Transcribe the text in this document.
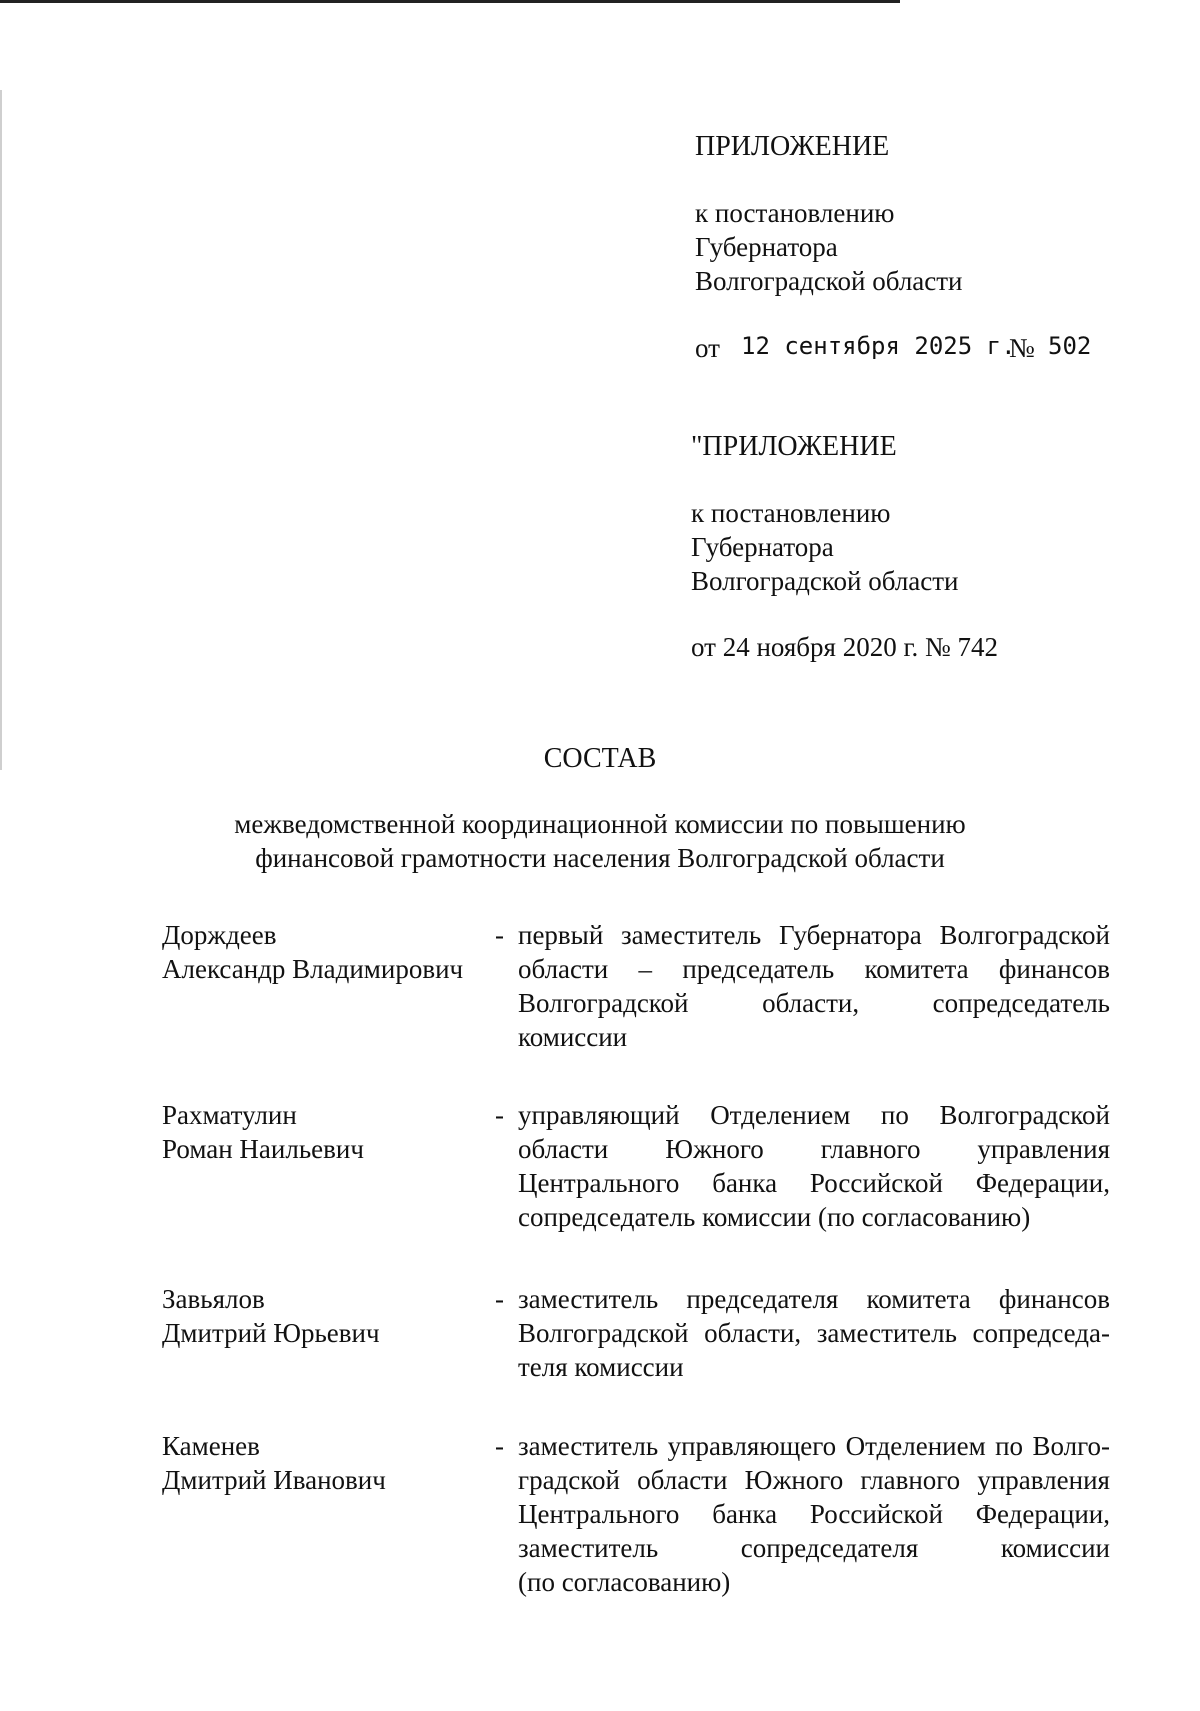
ПРИЛОЖЕНИЕ
к постановлению
Губернатора
Волгоградской области
от 12 сентября 2025 г.
№ 502
"ПРИЛОЖЕНИЕ
к постановлению
Губернатора
Волгоградской области
от 24 ноября 2020 г. № 742
СОСТАВ
межведомственной координационной комиссии по повышению
финансовой грамотности населения Волгоградской области
Дорждеев
Александр Владимирович
- первый заместитель Губернатора Волгоградской
области – председатель комитета финансов
Волгоградской	области,	сопредседатель
комиссии
Рахматулин
Роман Наильевич
- управляющий Отделением по Волгоградской
области Южного главного управления
Центрального банка Российской Федерации,
сопредседатель комиссии (по согласованию)
Завьялов
Дмитрий Юрьевич
- заместитель председателя комитета финансов
Волгоградской области, заместитель сопредседа-
теля комиссии
Каменев
Дмитрий Иванович
- заместитель управляющего Отделением по Волго-
градской области Южного главного управления
Центрального банка Российской Федерации,
заместитель	сопредседателя	комиссии
(по согласованию)
